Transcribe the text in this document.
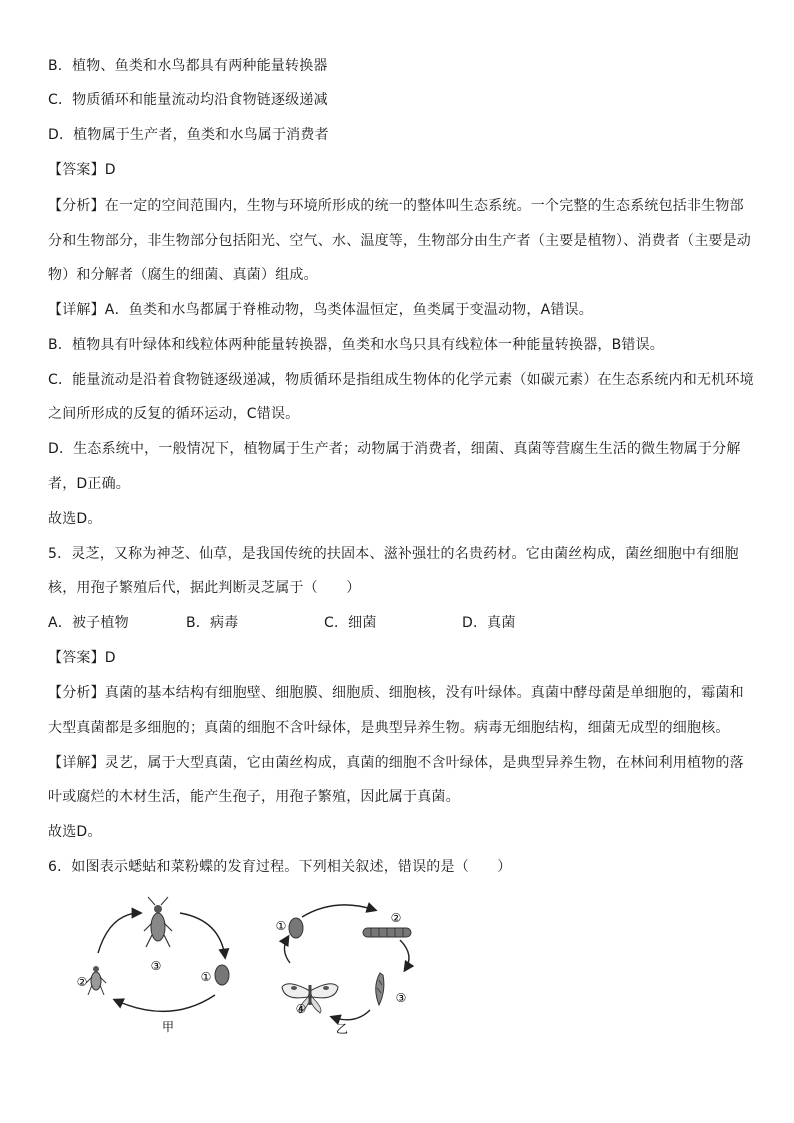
B．植物、鱼类和水鸟都具有两种能量转换器
C．物质循环和能量流动均沿食物链逐级递减
D．植物属于生产者，鱼类和水鸟属于消费者
【答案】D
【分析】在一定的空间范围内，生物与环境所形成的统一的整体叫生态系统。一个完整的生态系统包括非生物部
分和生物部分，非生物部分包括阳光、空气、水、温度等，生物部分由生产者（主要是植物）、消费者（主要是动
物）和分解者（腐生的细菌、真菌）组成。
【详解】A．鱼类和水鸟都属于脊椎动物，鸟类体温恒定，鱼类属于变温动物，A错误。
B．植物具有叶绿体和线粒体两种能量转换器，鱼类和水鸟只具有线粒体一种能量转换器，B错误。
C．能量流动是沿着食物链逐级递减，物质循环是指组成生物体的化学元素（如碳元素）在生态系统内和无机环境
之间所形成的反复的循环运动，C错误。
D．生态系统中，一般情况下，植物属于生产者；动物属于消费者，细菌、真菌等营腐生生活的微生物属于分解
者，D正确。
故选D。
5．灵芝，又称为神芝、仙草，是我国传统的扶固本、滋补强壮的名贵药材。它由菌丝构成，菌丝细胞中有细胞
核，用孢子繁殖后代，据此判断灵芝属于（　　）
A．被子植物	B．病毒	C．细菌	D．真菌
【答案】D
【分析】真菌的基本结构有细胞壁、细胞膜、细胞质、细胞核，没有叶绿体。真菌中酵母菌是单细胞的，霉菌和
大型真菌都是多细胞的；真菌的细胞不含叶绿体，是典型异养生物。病毒无细胞结构，细菌无成型的细胞核。
【详解】灵艺，属于大型真菌，它由菌丝构成，真菌的细胞不含叶绿体，是典型异养生物，在林间利用植物的落
叶或腐烂的木材生活，能产生孢子，用孢子繁殖，因此属于真菌。
故选D。
6．如图表示蟋蛄和菜粉蝶的发育过程。下列相关叙述，错误的是（　　）
③
①
②
甲
①
②
③
④
乙
